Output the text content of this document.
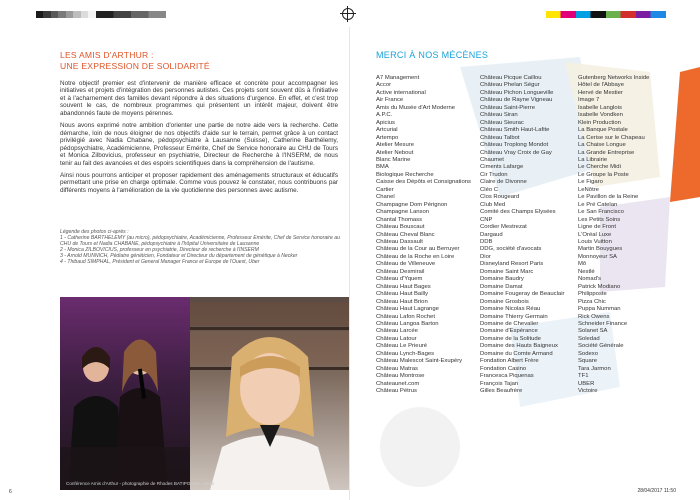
LES AMIS D'ARTHUR :
UNE EXPRESSION DE SOLIDARITÉ

Notre objectif premier est d'intervenir de manière efficace et concrète pour accompagner les initiatives et projets d'intégration des personnes autistes. Ces projets sont souvent dûs à l'initiative et à l'acharnement des familles devant répondre à des situations d'urgence. En effet, et c'est trop souvent le cas, de nombreux programmes qui présentent un intérêt majeur, doivent être abandonnés faute de moyens pérennes.

Nous avons exprimé notre ambition d'orienter une partie de notre aide vers la recherche. Cette démarche, loin de nous éloigner de nos objectifs d'aide sur le terrain, permet grâce à un contact privilégié avec Nadia Chabane, pédopsychiatre à Lausanne (Suisse), Catherine Barthélemy, pédopsychiatre, Académicienne, Professeur Emérite, Chef de Service honoraire au CHU de Tours et Monica Zilbovicius, professeur en psychiatrie, Directeur de Recherche à l'INSERM, de nous tenir au fait des avancées et des espoirs scientifiques dans la compréhension de l'autisme.

Ainsi nous pourrons anticiper et proposer rapidement des aménagements structuraux et éducatifs permettant une prise en charge optimale. Comme vous pouvez le constater, nous contribuons par différents moyens à l'amélioration de la vie quotidienne des personnes avec autisme.

Légende des photos ci-après :
1 - Catherine BARTHELEMY (au micro), pédopsychiatre, Académicienne, Professeur Emérite, Chef de Service honoraire au CHU de Tours et Nadia CHABANE, pédopsychiatre à l'hôpital Universitaire de Lausanne
2 - Monica ZILBOVICIUS, professeur en psychiatrie, Directeur de recherche à l'INSERM
3 - Arnold MUNNICH, Pédiatre généticien, Fondateur et Directeur du département de génétique à Necker
4 - Thibaud SIMPHAL, Président et General Manager France et Europe de l'Ouest, Uber
Conférence Amis d'Arthur - photographie de Rhodes BATIPOADE - 2016
MERCI À NOS MÉCÈNES
A7 Management
Accor
Active international
Air France
Amis du Musée d'Art Moderne
A.P.C.
Apicius
Artcurial
Artempo
Atelier Mesure
Atelier Nebout
Blanc Marine
BMA
Biologique Recherche
Caisse des Dépôts et Consignations
Cartier
Chanel
Champagne Dom Pérignon
Champagne Lanson
Chantal Thomass
Château Bouscaut
Château Cheval Blanc
Château Dassault
Château de la Cour au Berruyer
Château de la Roche en Loire
Château de Villeneuve
Château Desmirail
Château d'Yquem
Château Haut Bages
Château Haut Bailly
Château Haut Brion
Château Haut Lagrange
Château Lafon Rochet
Château Langoa Barton
Château Larcée
Château Latour
Château Le Prieuré
Château Lynch-Bages
Château Malescot Saint-Exupéry
Château Matras
Château Montrose
Chateaunet.com
Château Pétrus
Château Picque Caillou
Château Phelan Ségur
Château Pichon Longueville
Château de Rayne Vigneau
Château Saint-Pierre
Château Siran
Château Sieurac
Château Smith Haut-Lafite
Château Talbot
Château Troplong Mondot
Château Vray Croix de Gay
Chaumet
Ciments Lafarge
Cir Trudon
Claire de Divonne
Cléo C
Clos Rougeard
Club Med
Comité des Champs Elysées
CNP
Cordier Mestrezat
Dargaud
DDB
DDG, société d'avocats
Dior
Disneyland Resort Paris
Domaine Saint Marc
Domaine Baudry
Domaine Damat
Domaine Fougeray de Beauclair
Domaine Grosbois
Domaine Nicolas Réau
Domaine Thierry Germain
Domaine de Chevalier
Domaine d'Espérance
Domaine de la Solitude
Domaine des Hauts Baigneux
Domaine du Comte Armand
Fondation Albert Frère
Fondation Casino
Francesca Piquenas
François Tajan
Gilles Beaufrère
Gutenberg Networks Inside
Hôtel de l'Abbaye
Hervé de Mestier
Image 7
Isabelle Langlois
Isabelle Vondken
Klein Production
La Banque Postale
La Cerise sur le Chapeau
La Chaise Longue
La Grande Entreprise
La Librairie
Le Cherche Midi
Le Groupe la Poste
Le Figaro
LeNôtre
Le Pavillon de la Reine
Le Pré Catelan
Le San Francisco
Les Petits Soins
Ligne de Front
L'Oréal Luxe
Louis Vuitton
Martin Bouygues
Monnoyeur SA
Mô
Nestlé
Nomad's
Patrick Modiano
Philipposte
Pizza Chic
Puppa Numman
Rick Owens
Schneider Finance
Solanet SA
Soledad
Société Générale
Sodexo
Square
Tara Jarmon
TF1
UBER
Victoire
28/04/2017 11:50
6
